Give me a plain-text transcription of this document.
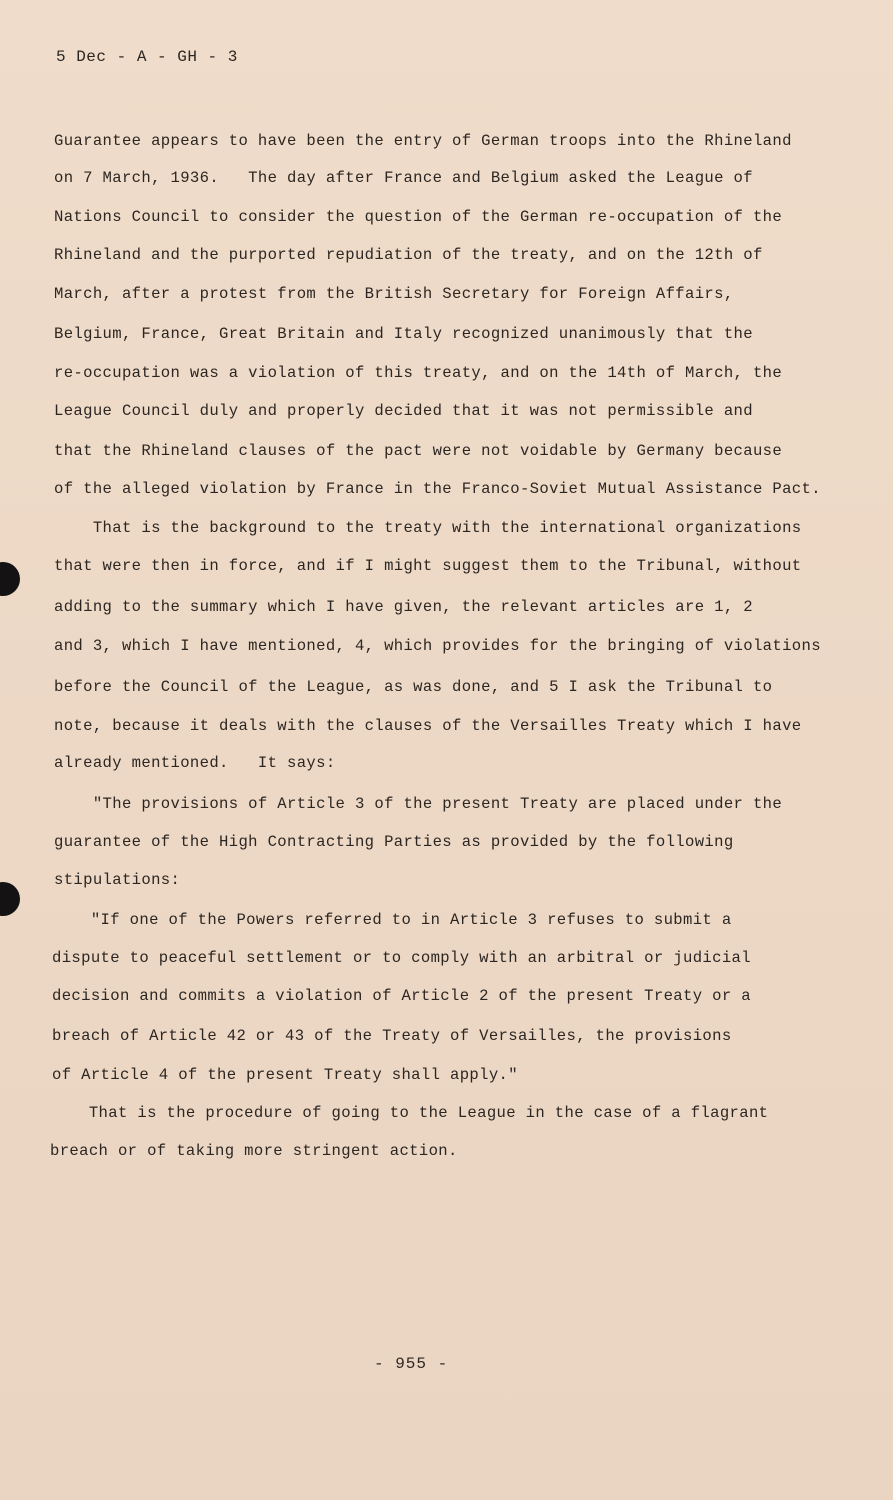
5 Dec - A - GH - 3
Guarantee appears to have been the entry of German troops into the Rhineland
on 7 March, 1936.   The day after France and Belgium asked the League of
Nations Council to consider the question of the German re-occupation of the
Rhineland and the purported repudiation of the treaty, and on the 12th of
March, after a protest from the British Secretary for Foreign Affairs,
Belgium, France, Great Britain and Italy recognized unanimously that the
re-occupation was a violation of this treaty, and on the 14th of March, the
League Council duly and properly decided that it was not permissible and
that the Rhineland clauses of the pact were not voidable by Germany because
of the alleged violation by France in the Franco-Soviet Mutual Assistance Pact.
That is the background to the treaty with the international organizations
that were then in force, and if I might suggest them to the Tribunal, without
adding to the summary which I have given, the relevant articles are 1, 2
and 3, which I have mentioned, 4, which provides for the bringing of violations
before the Council of the League, as was done, and 5 I ask the Tribunal to
note, because it deals with the clauses of the Versailles Treaty which I have
already mentioned.   It says:
"The provisions of Article 3 of the present Treaty are placed under the
guarantee of the High Contracting Parties as provided by the following
stipulations:
"If one of the Powers referred to in Article 3 refuses to submit a
dispute to peaceful settlement or to comply with an arbitral or judicial
decision and commits a violation of Article 2 of the present Treaty or a
breach of Article 42 or 43 of the Treaty of Versailles, the provisions
of Article 4 of the present Treaty shall apply."
That is the procedure of going to the League in the case of a flagrant
breach or of taking more stringent action.
- 955 -
